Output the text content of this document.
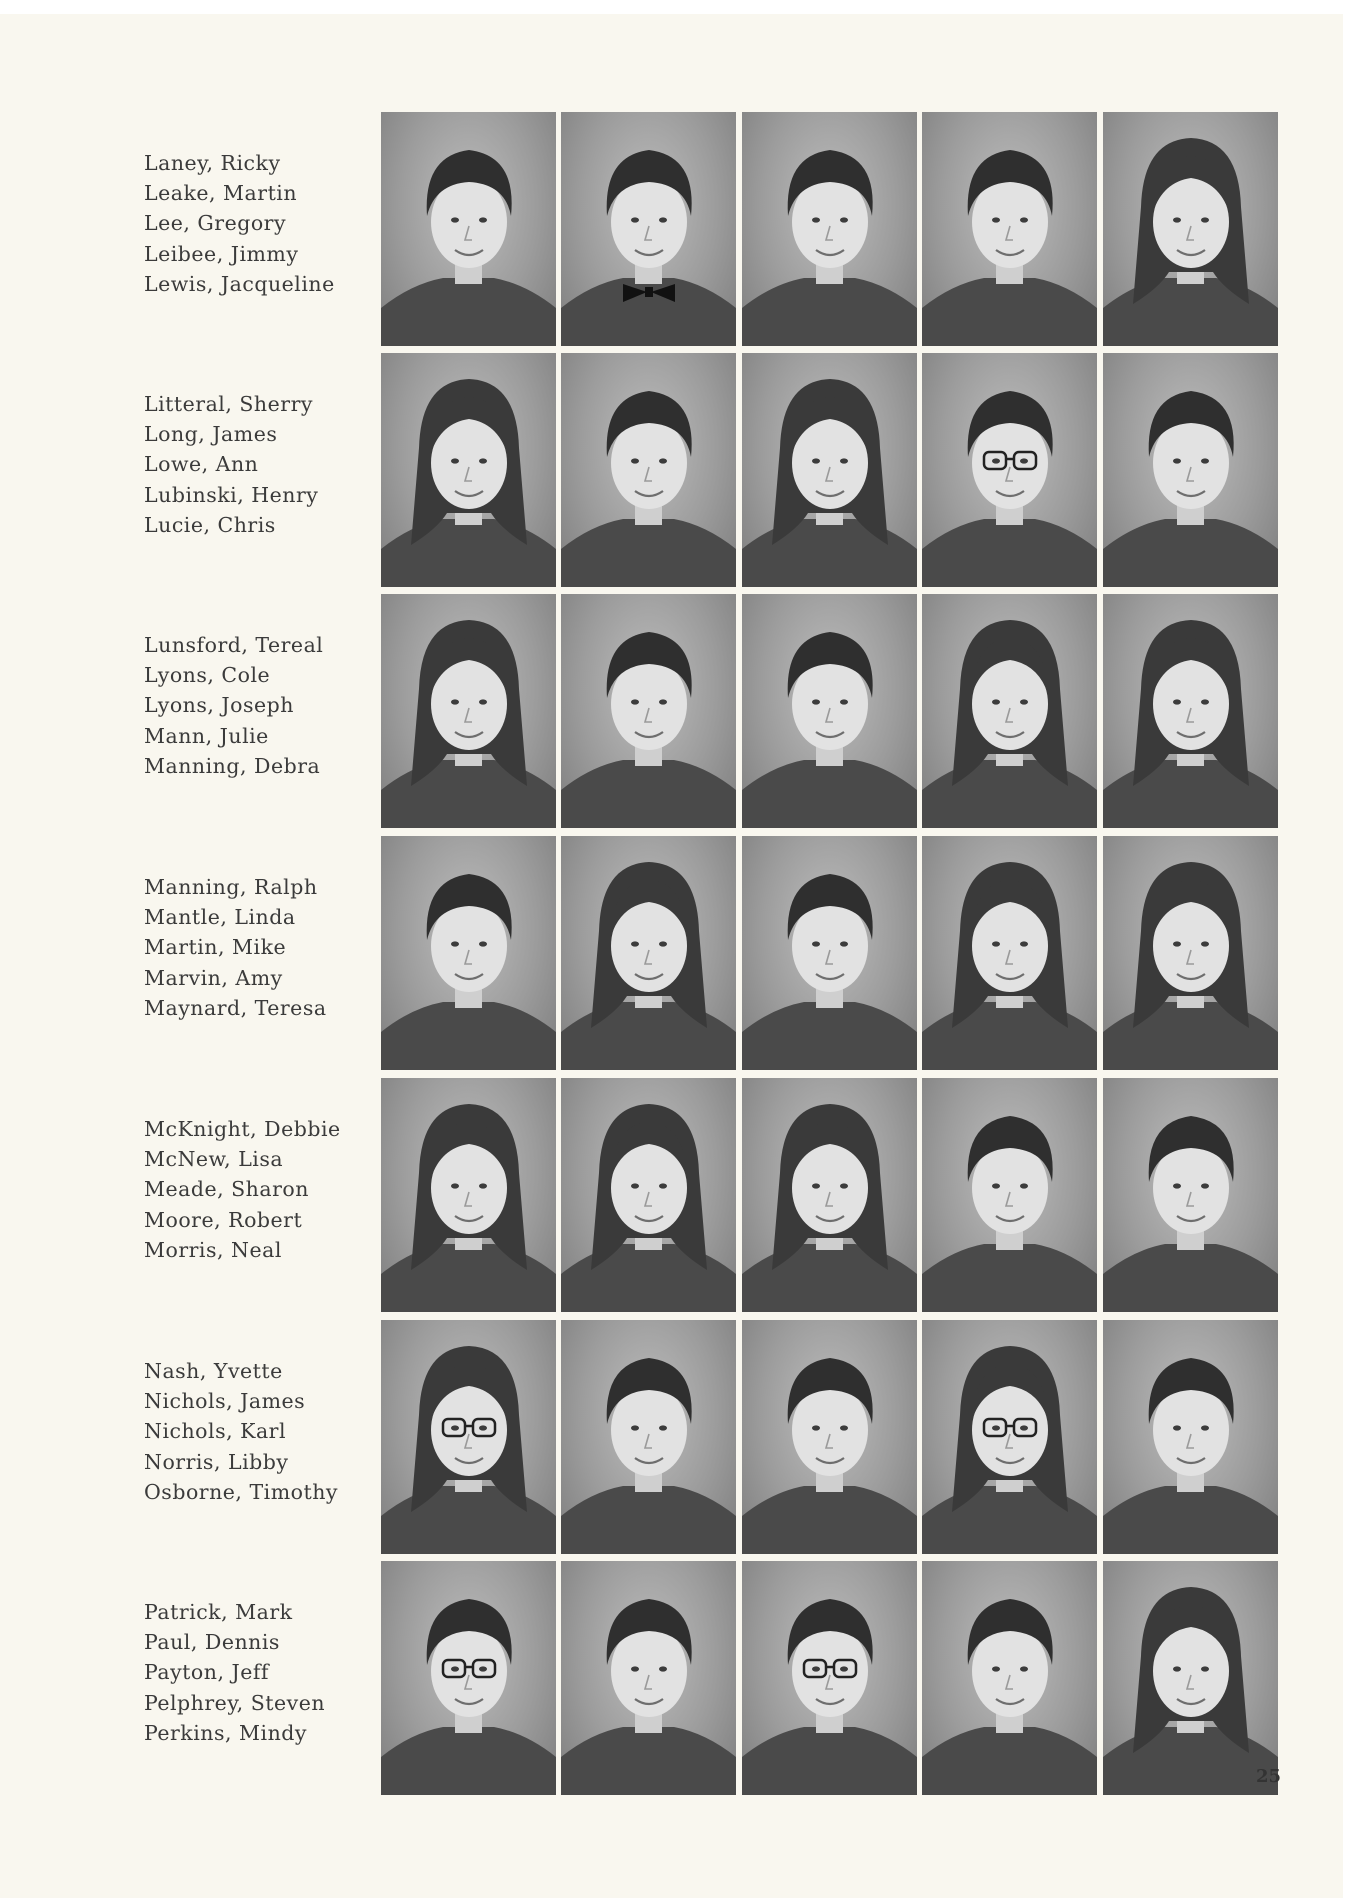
Laney, Ricky
Leake, Martin
Lee, Gregory
Leibee, Jimmy
Lewis, Jacqueline
Litteral, Sherry
Long, James
Lowe, Ann
Lubinski, Henry
Lucie, Chris
Lunsford, Tereal
Lyons, Cole
Lyons, Joseph
Mann, Julie
Manning, Debra
Manning, Ralph
Mantle, Linda
Martin, Mike
Marvin, Amy
Maynard, Teresa
McKnight, Debbie
McNew, Lisa
Meade, Sharon
Moore, Robert
Morris, Neal
Nash, Yvette
Nichols, James
Nichols, Karl
Norris, Libby
Osborne, Timothy
Patrick, Mark
Paul, Dennis
Payton, Jeff
Pelphrey, Steven
Perkins, Mindy
25
